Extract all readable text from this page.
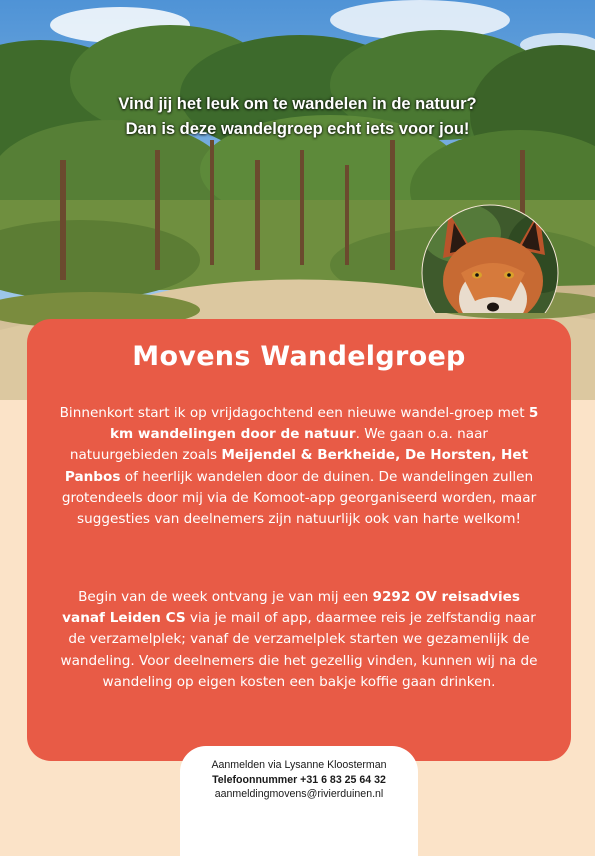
Vind jij het leuk om te wandelen in de natuur?
Dan is deze wandelgroep echt iets voor jou!
Movens Wandelgroep

Binnenkort start ik op vrijdagochtend een nieuwe wandel-groep met 5 km wandelingen door de natuur. We gaan o.a. naar natuurgebieden zoals Meijendel & Berkheide, De Horsten, Het Panbos of heerlijk wandelen door de duinen. De wandelingen zullen grotendeels door mij via de Komoot-app georganiseerd worden, maar suggesties van deelnemers zijn natuurlijk ook van harte welkom!

Begin van de week ontvang je van mij een 9292 OV reisadvies vanaf Leiden CS via je mail of app, daarmee reis je zelfstandig naar de verzamelplek; vanaf de verzamelplek starten we gezamenlijk de wandeling. Voor deelnemers die het gezellig vinden, kunnen wij na de wandeling op eigen kosten een bakje koffie gaan drinken.

Aanmelden via Lysanne Kloosterman
Telefoonnummer +31 6 83 25 64 32
aanmeldingmovens@rivierduinen.nl
